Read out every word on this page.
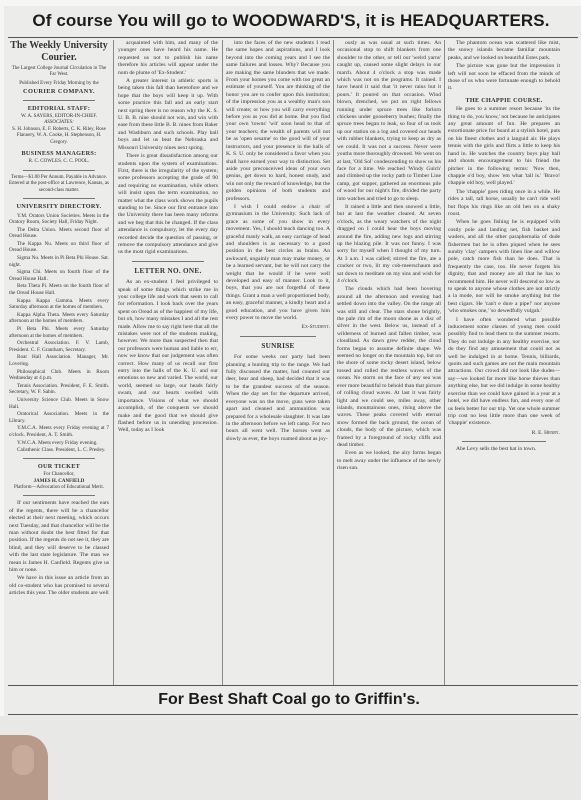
Of course You will go to WOODWARD'S, it is HEADQUARTERS.
The Weekly University Courier.
The Largest College Journal Circulation in The Far West.
Published Every Friday Morning by the
COURIER COMPANY.
EDITORIAL STAFF:
W. A. SAYERS, EDITOR-IN-CHIEF.
ASSOCIATES:
S. H. Johnson, E. F. Roberts, C. K. Riley, Rose Flannery, W. A. Cooke, H. Stephenson, H. Gregory.
BUSINESS MANAGERS:
R. C. COWLES. C. C. POOL.
Terms—$1.00 Per Annum. Payable in Advance.
Entered at the post-office at Lawrence, Kansas, as second-class matter.
UNIVERSITY DIRECTORY.

Y.M. Orators Union Societies. Meets in the Oratory Room, Society Hall, Friday Night.

The Delta Union. Meets second floor of Oread House.

The Kappa Nu. Meets on third floor of Oread House.

Sigma Nu. Meets in Pi Beta Phi House. Sat. night.

Sigma Chi. Meets on fourth floor of the Oread House Hall.

Beta Theta Pi. Meets on the fourth floor of the Oread House Hall.

Kappa Kappa Gamma. Meets every Saturday afternoon at the homes of members.

Kappa Alpha Theta. Meets every Saturday afternoon at the homes of members.

Pi Beta Phi. Meets every Saturday afternoon at the homes of members.

Orchestral Association. F. V. Lamb, President. C. F. Grantham, Secretary.

Boat Hall Association. Manager, Mr. Lovering.

Philosophical Club. Meets in Room Wednesday at 4 p.m.

Tennis Association. President, F. E. Smith. Secretary, W. F. Sabin.

University Science Club. Meets in Snow Hall.

Oratorical Association. Meets in the Library.

Y.M.C.A. Meets every Friday evening at 7 o'clock. President, A. T. Smith.

Y.W.C.A. Meets every Friday evening.

Calisthenic Class. President, L. C. Presley.

OUR TICKET
For Chancellor,
JAMES H. CANFIELD
Platform—Advocation of Educational Merit.

If our sentiments have reached the ears of the regents, there will be a chancellor elected at their next meeting, which occurs next Tuesday, and that chancellor will be the man without doubt the best fitted for that position. If the regents do not see it, they are blind, and they will deserve to be classed with the last state legislature. The man we mean is James H. Canfield. Regents give us him or none.

We have in this issue an article from an old co-student who has promised to several articles this year. The older students are well

acquainted with him, and many of the younger ones have heard his name. He requested us not to publish his name therefore his articles will appear under the nom de plume of 'Ex-Student.'

A greater interest in athletic sports is being taken this fall than heretofore and we hope that the boys will keep it up. With some practice this fall and an early start next spring there is no reason why the K. S. U. B. B. nine should not win, and win with ease from these little B. B. nines from Baker and Washburn and such schools. Play ball boys and let us beat the Nebraska and Missouri University nines next spring.

There is great dissatisfaction among our students upon the system of examinations. First, there is the irregularity of the system; some professors accepting the grade of 90 and requiring no examination, while others will insist upon the term examination, no matter what the class work shows the pupils standing to be. Since our first entrance into the University there has been many reforms and we beg that this be changed. If the class attendance is compulsory, let the every day recorded decide the question of passing, or remove the compulsory attendance and give us the most rigid examinations.

LETTER NO. ONE.

As an ex-student I feel privileged to speak of some things which strike me in your college life and work that seem to call for reformation. I look back over the years spent on Oread as of the happiest of my life, but oh, how many mistakes I and all the rest made. Allow me to say right here that all the mistakes were not of the students making, however. We more than suspected then that our professors were human and liable to err, now we know that our judgement was often correct. How many of us recall our first entry into the halls of the K. U. and our emotions so new and varied. The world, our world, seemed so large, our heads fairly swam, and our hearts swelled with importance. Visions of what we should accomplish, of the conquests we should make and the good that we should give flashed before us in unending procession. Well, today as I look

into the faces of the new students I read the same hopes and aspirations, and I look beyond into the coming years and I see the same failures and losses. Why? Because you are making the same blunders that we made. From your homes you come with too great an estimate of yourself. You are thinking of the honor you are to confer upon this institution; of the impression you as a wealthy man's son will create; or how you will carry everything before you as you did at home. But you find your own 'towns' 'wit' soon head to that of your teachers; the wealth of parents will not be as 'open sesame' to the good will of your instructors, and your presence in the halls of K. S. U. only be considered a favor when you shall have earned your way to distinction. Set aside your preconceived ideas of your own genius, get down to hard, honest study, and win not only the reward of knowledge, but the golden opinions of both students and professors.

I wish I could endow a chair of gymnasium in the University. Such lack of grace as some of you show in every movement. Yes, I should teach dancing too. A graceful manly walk, an easy carriage of head and shoulders is as necessary to a good position in the best circles as brains. An awkward, ungainly man may make money, or be a learned servant, but he will not carry the weight that he would if he were well developed and easy of manner. Look to it, boys, that you are not forgetful of these things. Grant a man a well proportioned body, an easy, graceful manner, a kindly heart and a good education, and you have given him every power to move the world.

Ex-Student.
SUNRISE

For some weeks our party had been planning a hunting trip to the range. We had fully discussed the matter, had counted our deer, bear and sheep, had decided that it was to be the grandest success of the season. When the day set for the departure arrived, everyone was on the move, guns were taken apart and cleaned and ammunition was prepared for a wholesale slaughter. It was late in the afternoon before we left camp. For two hours all went well. The horses went as slowly as ever, the boys roamed about as joy-

ously as was usual at such times. An occasional stop to shift blankets from one shoulder to the other, or tell our 'weird yarns' caught up, caused some slight delays in our march. About 4 o'clock a stop was made which was not on the programs. It rained. I have heard it said that 'it never rains but it pours.' It poured on that occasion. Wind blown, drenched, we put on right fellows running under spruce trees like forlorn chickens under gooseberry bushes; finally the spruce trees began to leak, so four of us took up our station on a log and covered our heads with rubber blankets, trying to keep as dry as we could. It was not a success. Never were youths more thoroughly drowned. We went on at last, 'Old Sol' condescending to show us his face for a time. We reached 'Windy Gulch' and climbed up the rocky path to Timber Line camp, got supper, gathered an enormous pile of wood for our night's fire, divided the party into watches and tried to go to sleep.

It rained a little and then snowed a little, but at last the weather cleared. At seven o'clock, as the weary watchers of the night dragged on I could hear the boys moving around the fire, adding new logs and stirring up the blazing pile. It was not funny. I was sorry for myself when I thought of my turn. At 3 a.m. I was called; stirred the fire, ate a cracker or two, lit my cob-meerschaum and sat down to meditate on my sins and wish for 4 o'clock.

The clouds which had been hovering around all the afternoon and evening had settled down into the valley. On the range all was still and clear. The stars shone brightly, the pale rim of the moon shone as a disc of silver in the west. Below us, instead of a wilderness of burned and fallen timber, was cloudland. As dawn grew redder, the cloud forms began to assume definite shape. We seemed no longer on the mountain top, but on the shore of some rocky desert island, below tossed and rolled the restless waves of the ocean. No storm on the face of any sea was ever more beautiful to behold than that picture of rolling cloud waves. At last it was fairly light and we could see, miles away, other islands, mountainous ones, rising above the waves. These peaks covered with eternal snow formed the back ground, the ocean of clouds, the body of the picture, which was framed by a foreground of rocky cliffs and dead timber.

Even as we looked, the airy forms began to melt away under the influence of the newly risen sun.

The phantom ocean was scattered like mist, the snowy islands became familiar mountain peaks, and we looked on beautiful Estes park.

The picture was gone but the impression it left will not soon be effaced from the minds of those of us who were fortunate enough to behold it.

THE CHAPPIE COURSE.

He goes to a summer resort because 'its the thing to do, you know,' not because he anticipates any great amount of fun. He prepares an extortionate price for board at a stylish hotel, puts on his finest clothes and a languid air. He plays tennis with the girls and flirts a little to keep his hand in. He watches the country boys play ball and shouts encouragement to his friend the pitcher in the following terms: 'Now then, chappie o'd boy, show 'em what 'tall is.' 'Bravo! chappie old boy, well played.'

The 'chappie' goes riding once in a while. He rides a tall, tall horse, usually he can't ride well but flops his rings like an old hen on a shaky roost.

When he goes fishing he is equipped with costly pole and landing net, fish basket and waders, and all the other paraphernalia of dude fishermen but he is often piqued when he sees sundry 'clay' campers with linen line and willow pole, catch more fish than he does. That is frequently the case, too. He never forgets his dignity, that and money are all that he has to recommend him. He never will descend so low as to speak to anyone whose clothes are not strictly a la mode, nor will he smoke anything but the best cigars. He 'can't e dure a pipe!' nor anyone 'who smokes one,' 'so dewedfully vulgah.'

I have often wondered what possible inducement some classes of young men could possibly find to lead them to the summer resorts. They do not indulge in any healthy exercise, nor do they find any amusement that could not as well be indulged in at home. Tennis, billiards, quoits and such games are not the main mountain attractions. Our crowd did not look like dudes—say—we looked far more like horse thieves than anything else, but we did indulge in some healthy exercise than we could have gained in a year at a hotel, we did have endless fun, and every one of us feels better for our trip. Yet one whole summer trip cost no less little more than one week of 'chappie' existence.

R. E. Henry.

Abe Levy sells the best hat in town.

For Best Shaft Coal go to Griffin's.
